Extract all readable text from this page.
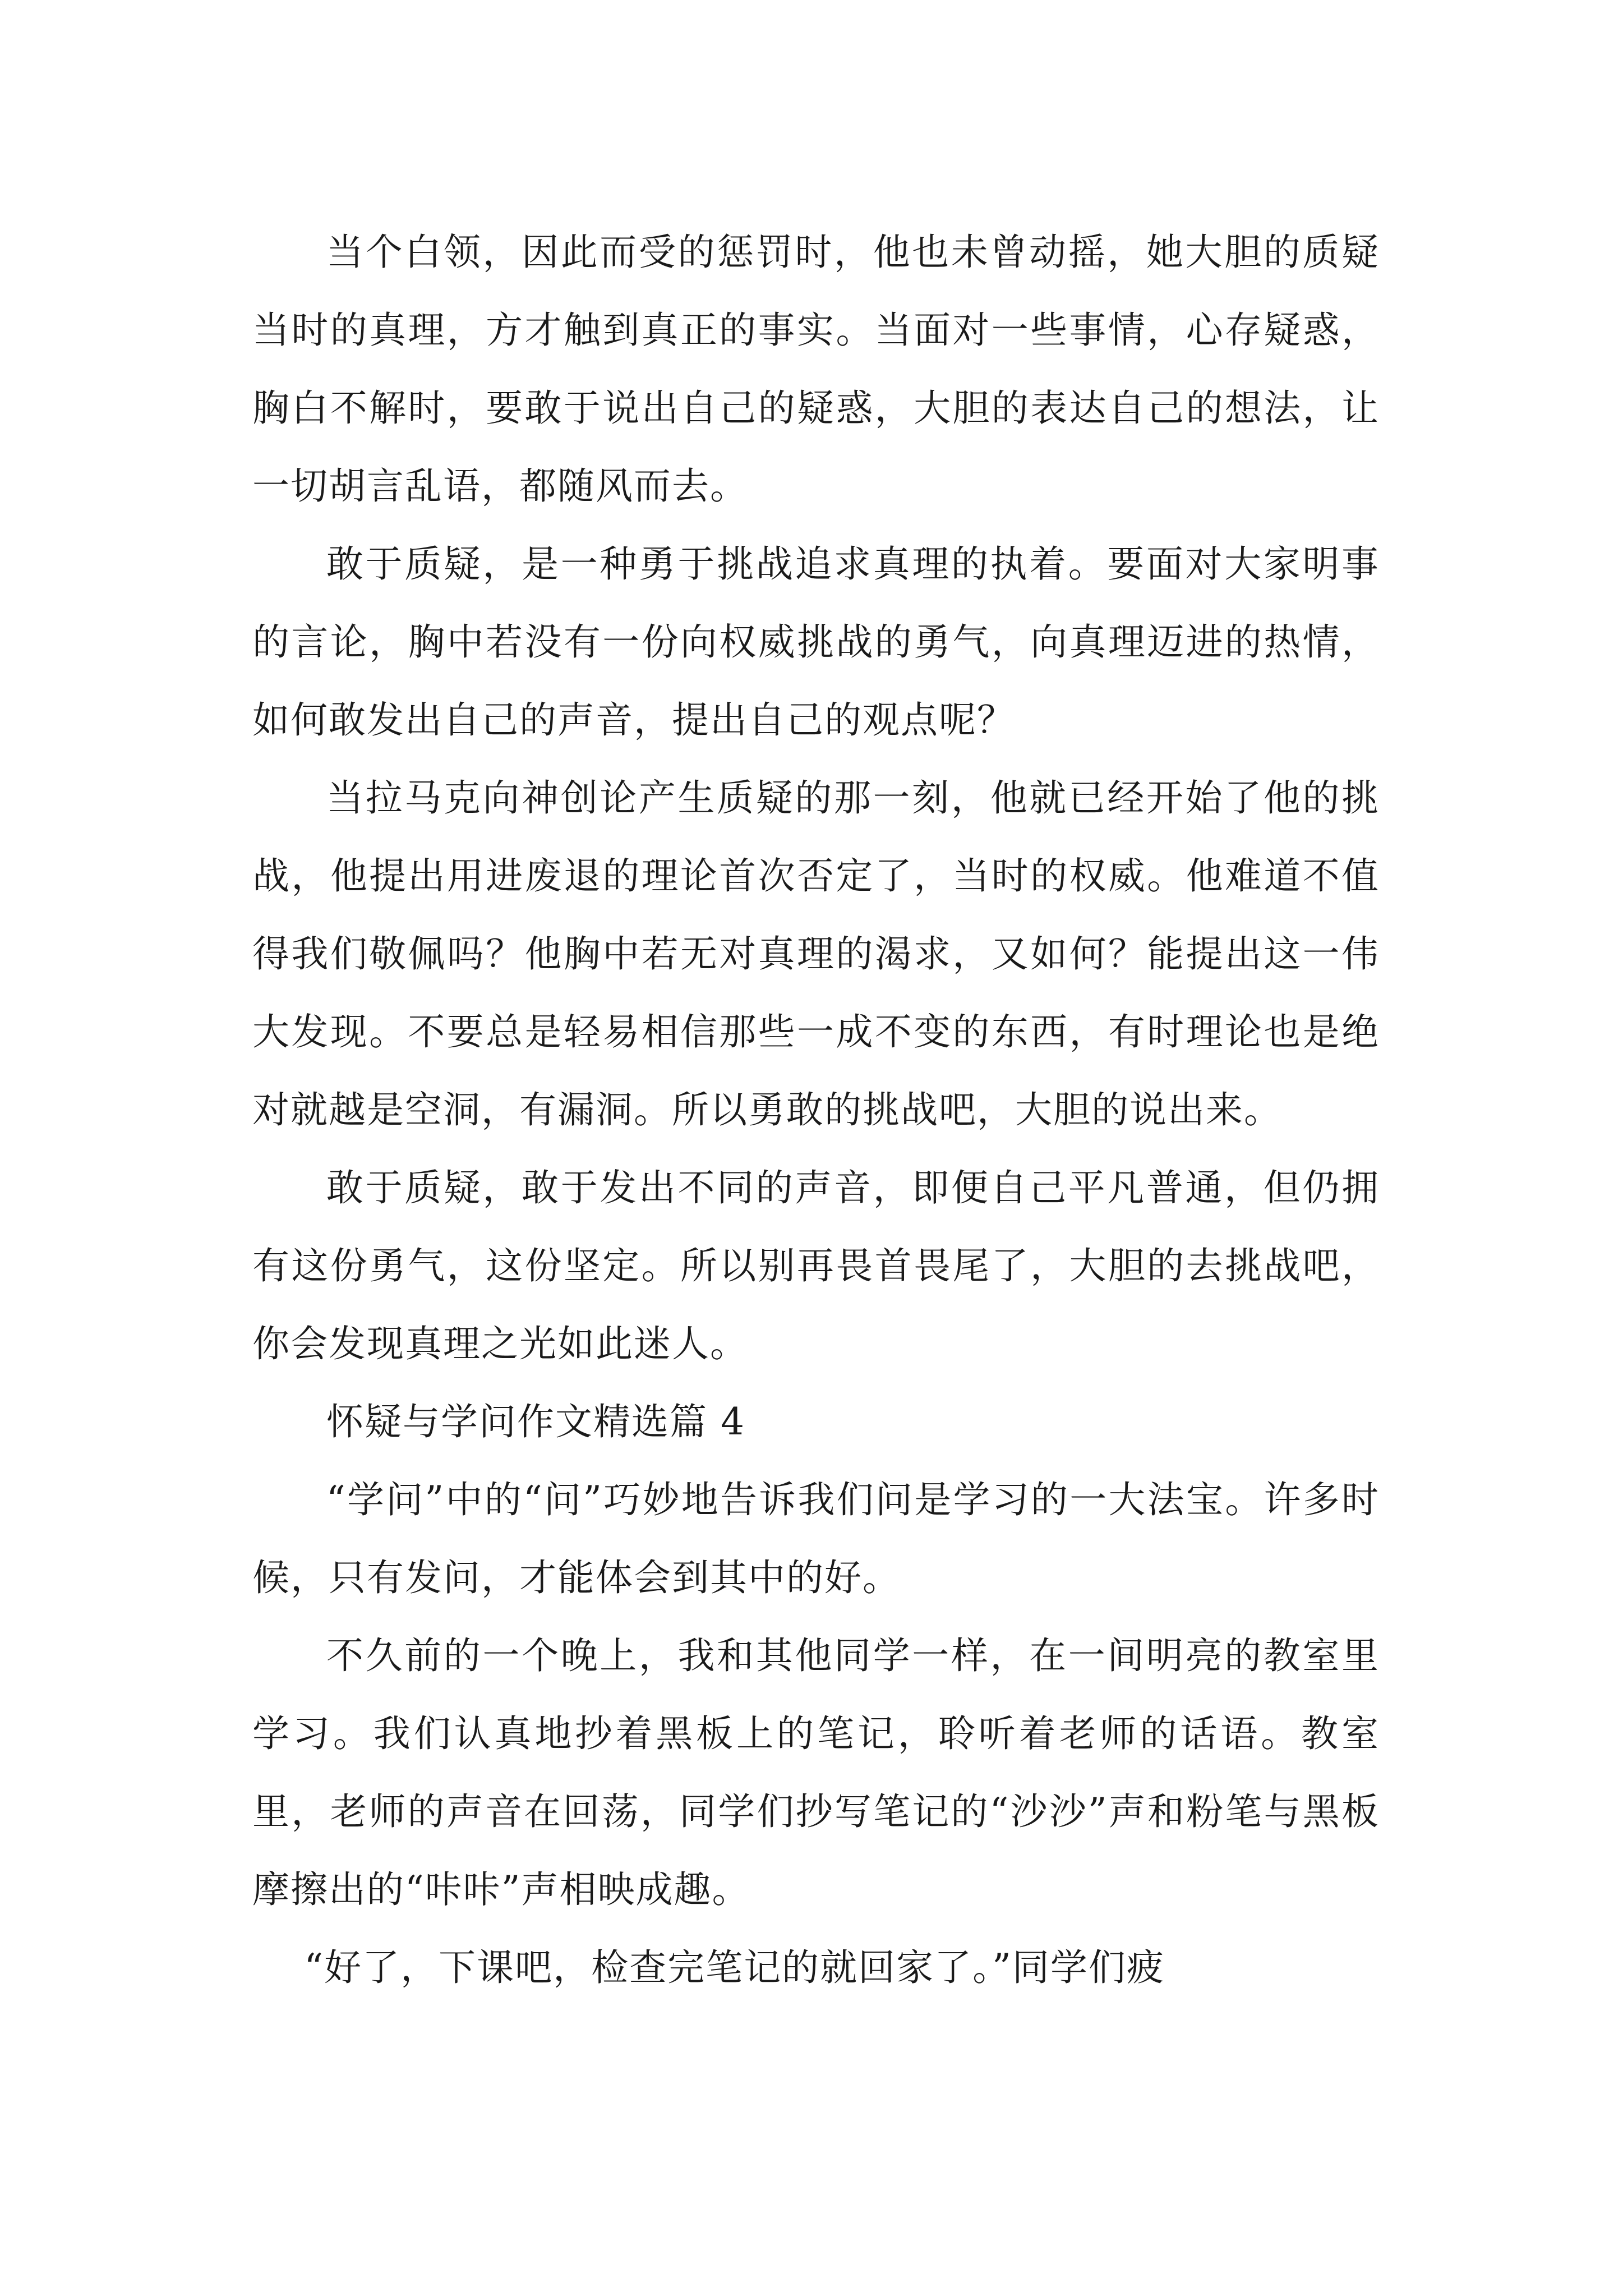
当个白领，因此而受的惩罚时，他也未曾动摇，她大胆的质疑当时的真理，方才触到真正的事实。当面对一些事情，心存疑惑，胸白不解时，要敢于说出自己的疑惑，大胆的表达自己的想法，让一切胡言乱语，都随风而去。

敢于质疑，是一种勇于挑战追求真理的执着。要面对大家明事的言论，胸中若没有一份向权威挑战的勇气，向真理迈进的热情，如何敢发出自己的声音，提出自己的观点呢？

当拉马克向神创论产生质疑的那一刻，他就已经开始了他的挑战，他提出用进废退的理论首次否定了，当时的权威。他难道不值得我们敬佩吗？他胸中若无对真理的渴求，又如何？能提出这一伟大发现。不要总是轻易相信那些一成不变的东西，有时理论也是绝对就越是空洞，有漏洞。所以勇敢的挑战吧，大胆的说出来。

敢于质疑，敢于发出不同的声音，即便自己平凡普通，但仍拥有这份勇气，这份坚定。所以别再畏首畏尾了，大胆的去挑战吧，你会发现真理之光如此迷人。

怀疑与学问作文精选篇 4

“学问”中的“问”巧妙地告诉我们问是学习的一大法宝。许多时候，只有发问，才能体会到其中的好。

不久前的一个晚上，我和其他同学一样，在一间明亮的教室里学习。我们认真地抄着黑板上的笔记，聆听着老师的话语。教室里，老师的声音在回荡，同学们抄写笔记的“沙沙”声和粉笔与黑板摩擦出的“咔咔”声相映成趣。

“好了，下课吧，检查完笔记的就回家了。”同学们疲
